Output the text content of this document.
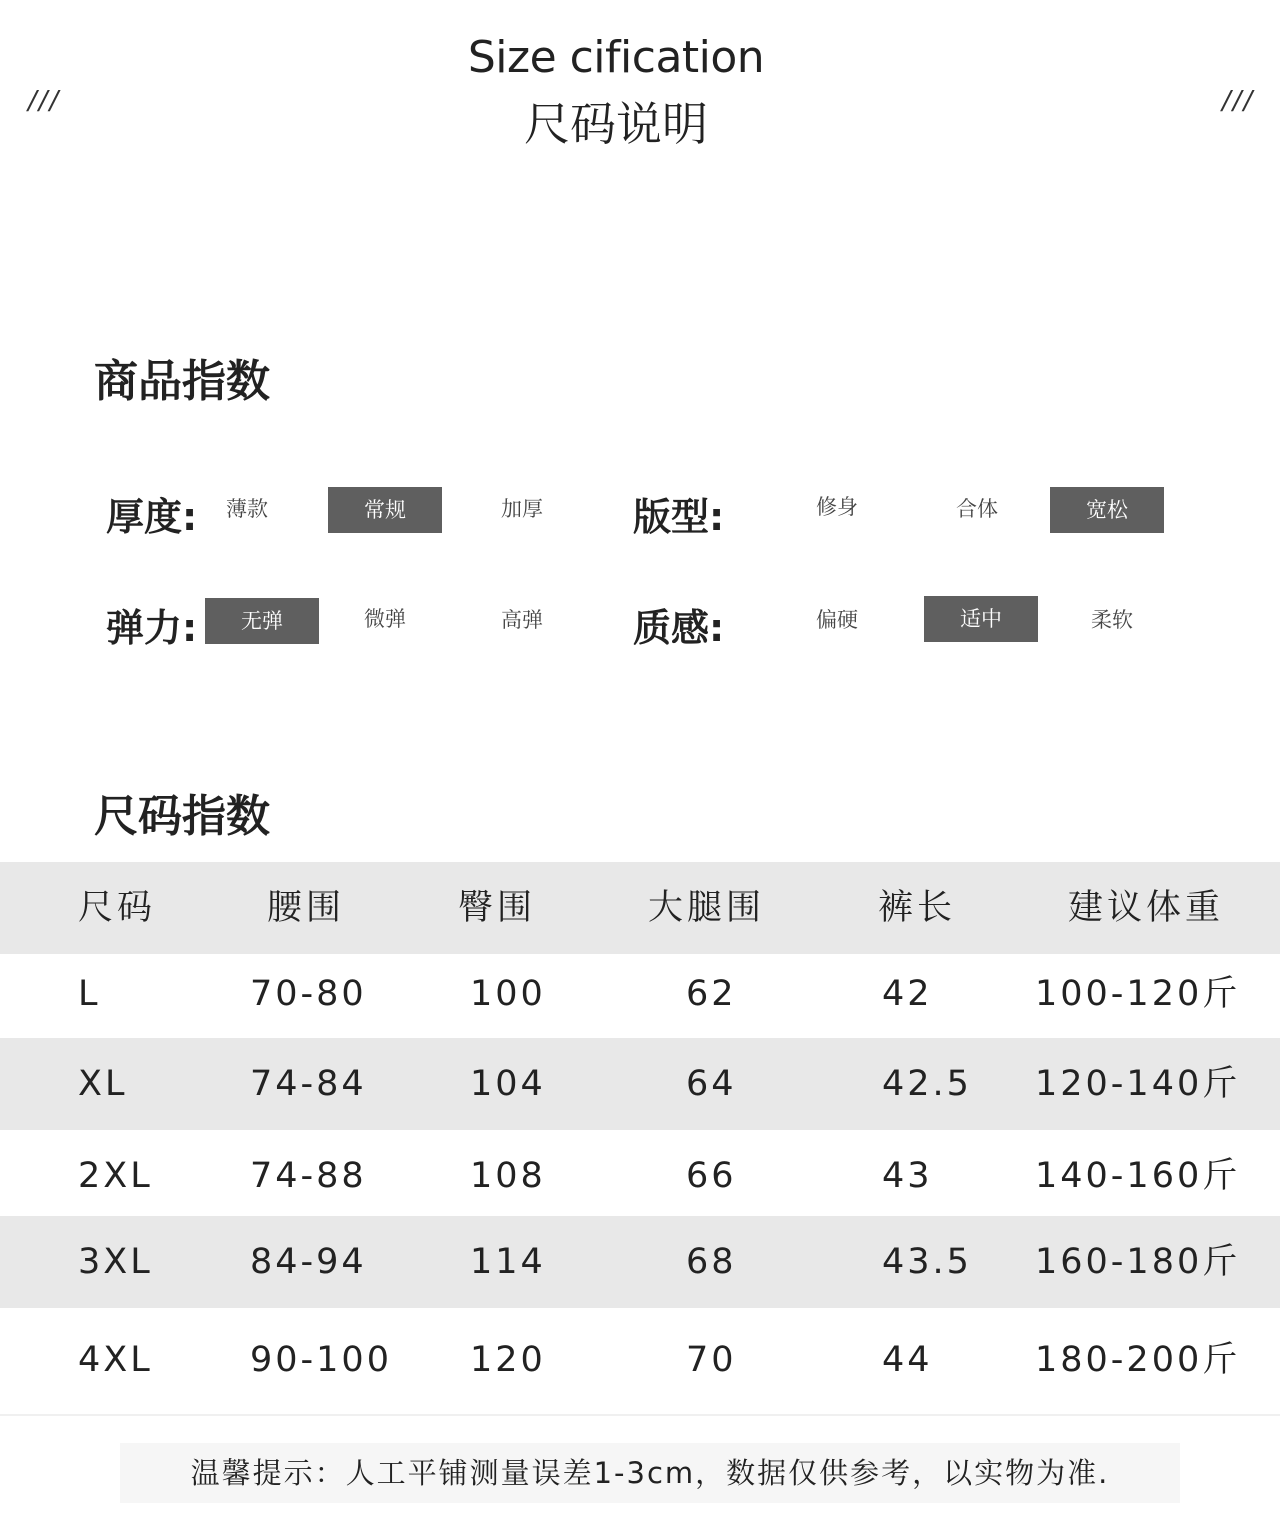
///
Size cification
尺码说明	///
商品指数
厚度:	薄款	常规	加厚	版型:	修身	合体	宽松
弹力:	无弹	微弹	高弹	质感:	偏硬	适中	柔软
尺码指数
尺码	腰围	臀围	大腿围	裤长	建议体重
L	70-80	100	62	42	100-120斤
XL	74-84	104	64	42.5 120-140斤
2XL	74-88	108	66	43	140-160斤
3XL	84-94	114	68	43.5 160-180斤
4XL	90-100 120	70	44	180-200斤
温馨提示：人工平铺测量误差1-3cm，数据仅供参考，以实物为准.
